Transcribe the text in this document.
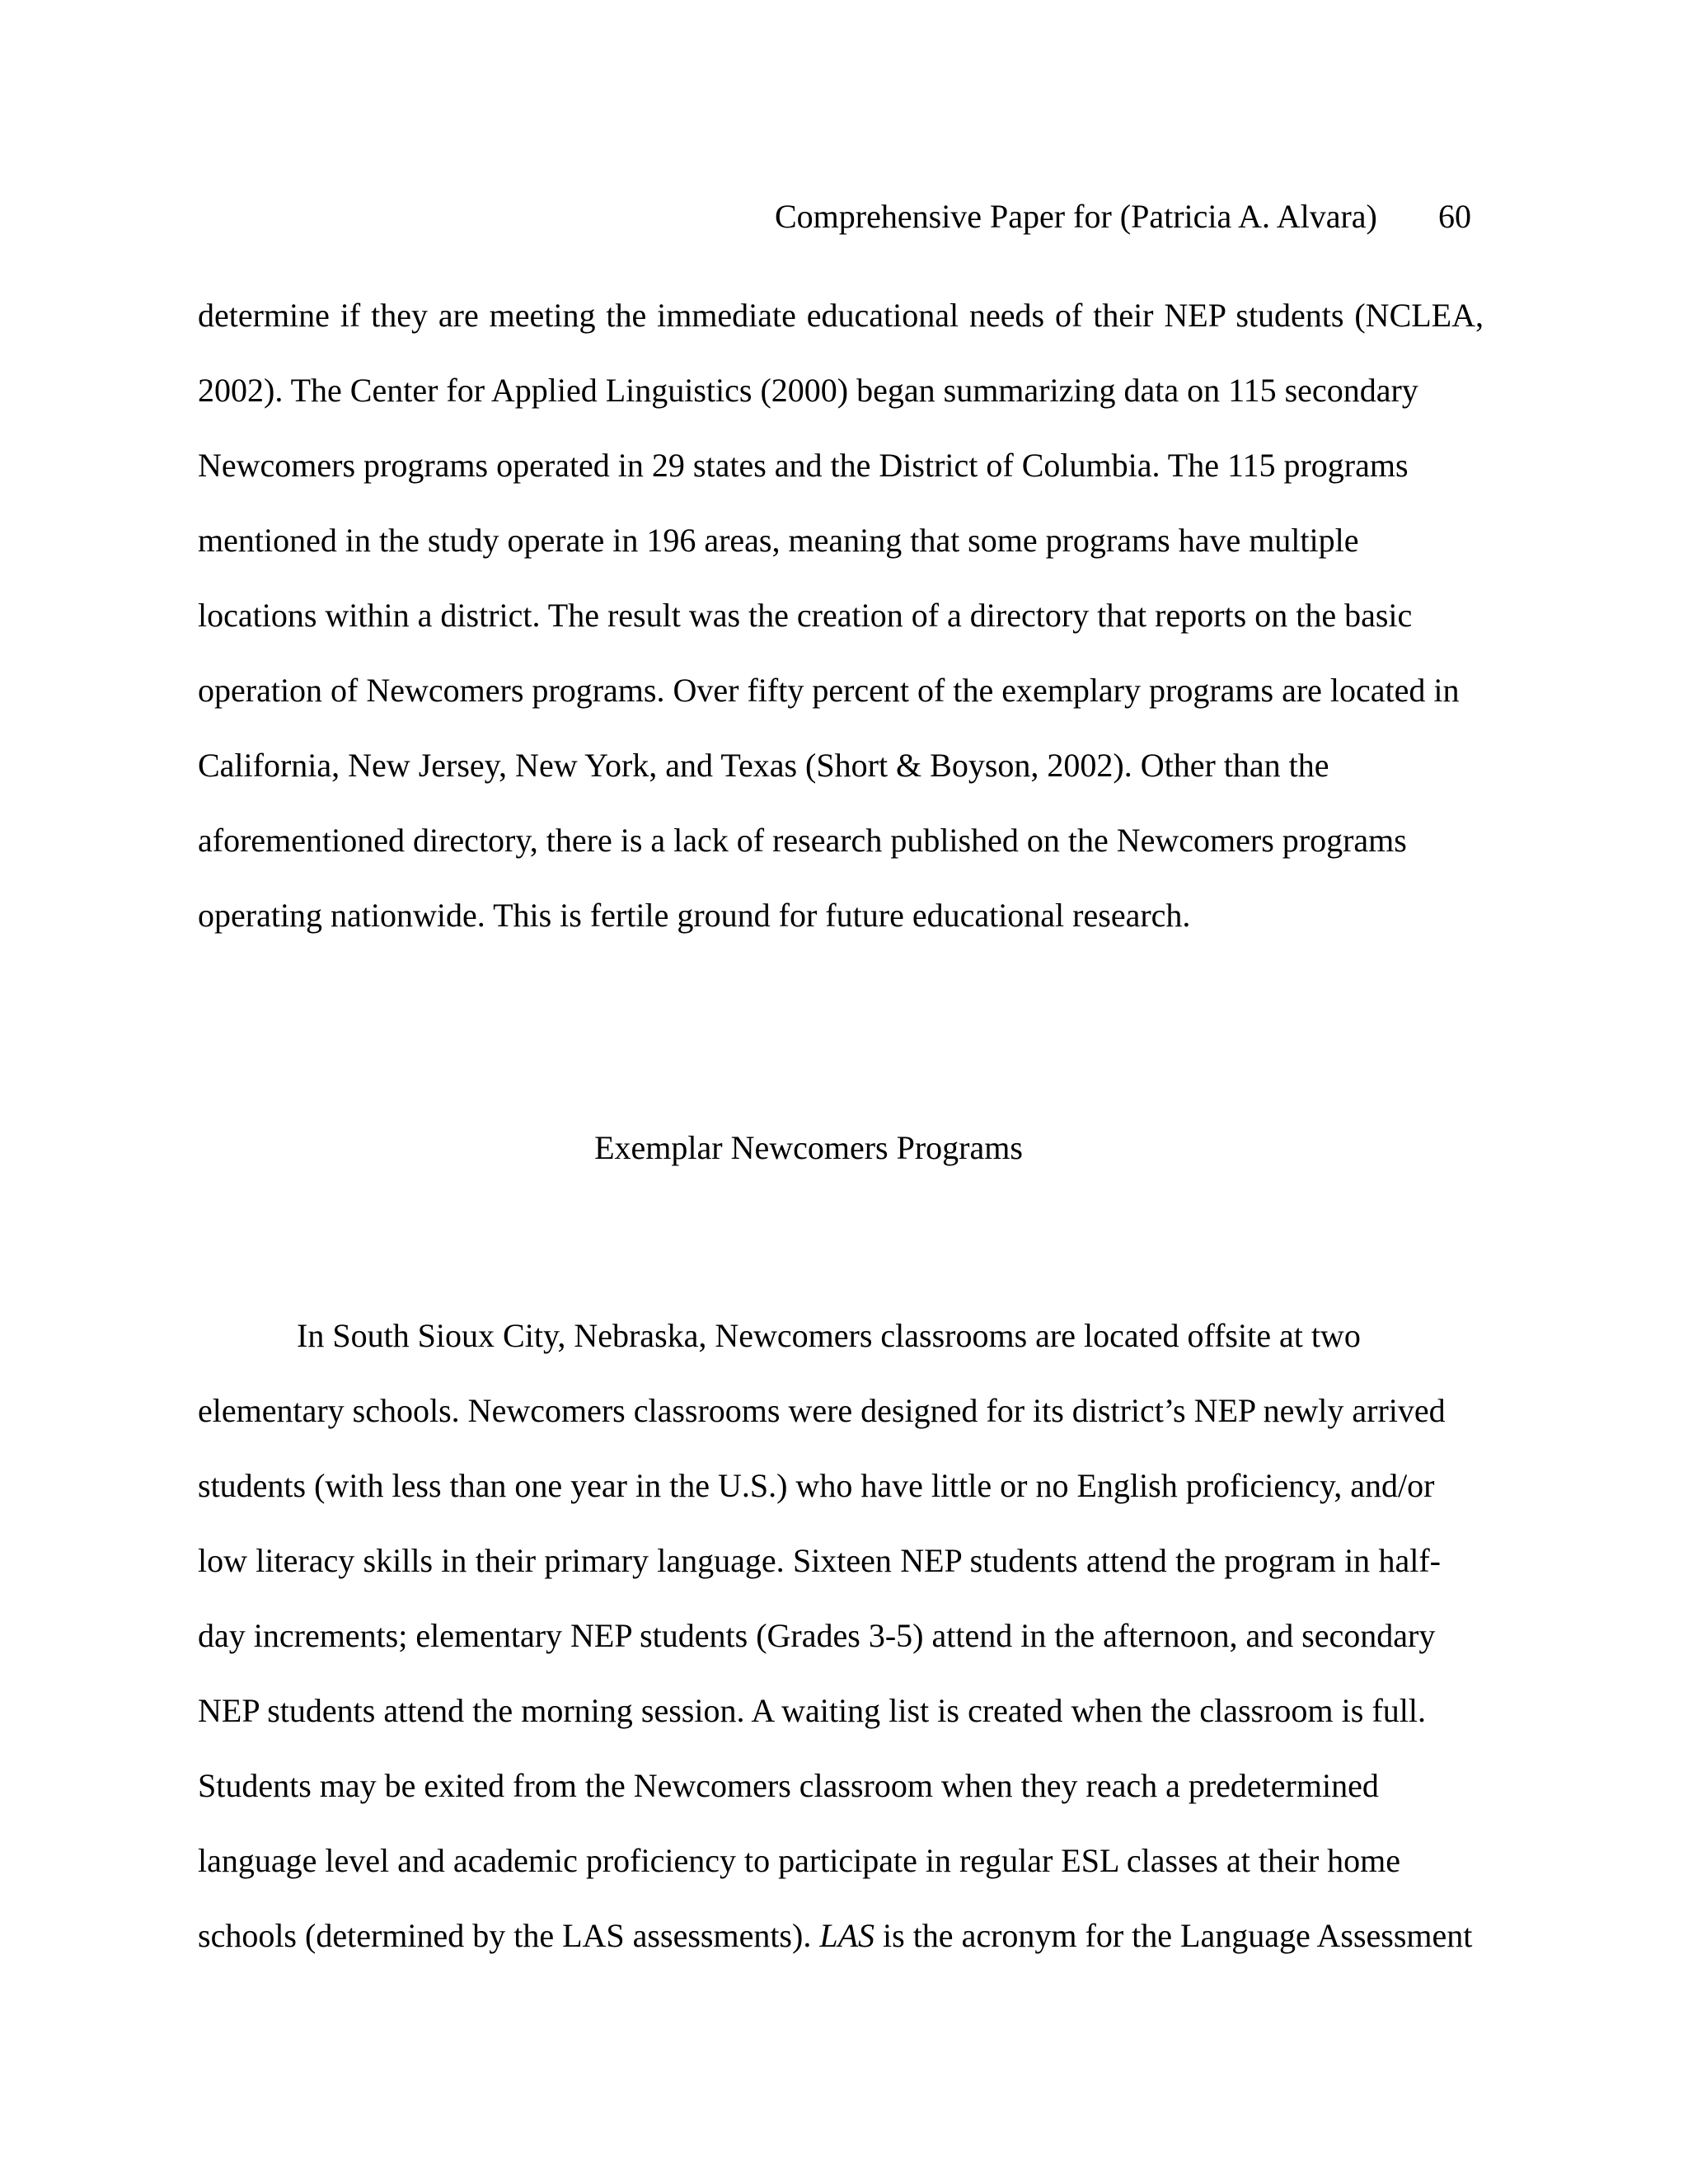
Comprehensive Paper for (Patricia A. Alvara) 60
determine if they are meeting the immediate educational needs of their NEP students (NCLEA,
2002). The Center for Applied Linguistics (2000) began summarizing data on 115 secondary
Newcomers programs operated in 29 states and the District of Columbia. The 115 programs
mentioned in the study operate in 196 areas, meaning that some programs have multiple
locations within a district. The result was the creation of a directory that reports on the basic
operation of Newcomers programs. Over fifty percent of the exemplary programs are located in
California, New Jersey, New York, and Texas (Short & Boyson, 2002). Other than the
aforementioned directory, there is a lack of research published on the Newcomers programs
operating nationwide. This is fertile ground for future educational research.
Exemplar Newcomers Programs
In South Sioux City, Nebraska, Newcomers classrooms are located offsite at two
elementary schools. Newcomers classrooms were designed for its district’s NEP newly arrived
students (with less than one year in the U.S.) who have little or no English proficiency, and/or
low literacy skills in their primary language. Sixteen NEP students attend the program in half-
day increments; elementary NEP students (Grades 3-5) attend in the afternoon, and secondary
NEP students attend the morning session. A waiting list is created when the classroom is full.
Students may be exited from the Newcomers classroom when they reach a predetermined
language level and academic proficiency to participate in regular ESL classes at their home
schools (determined by the LAS assessments). LAS is the acronym for the Language Assessment
